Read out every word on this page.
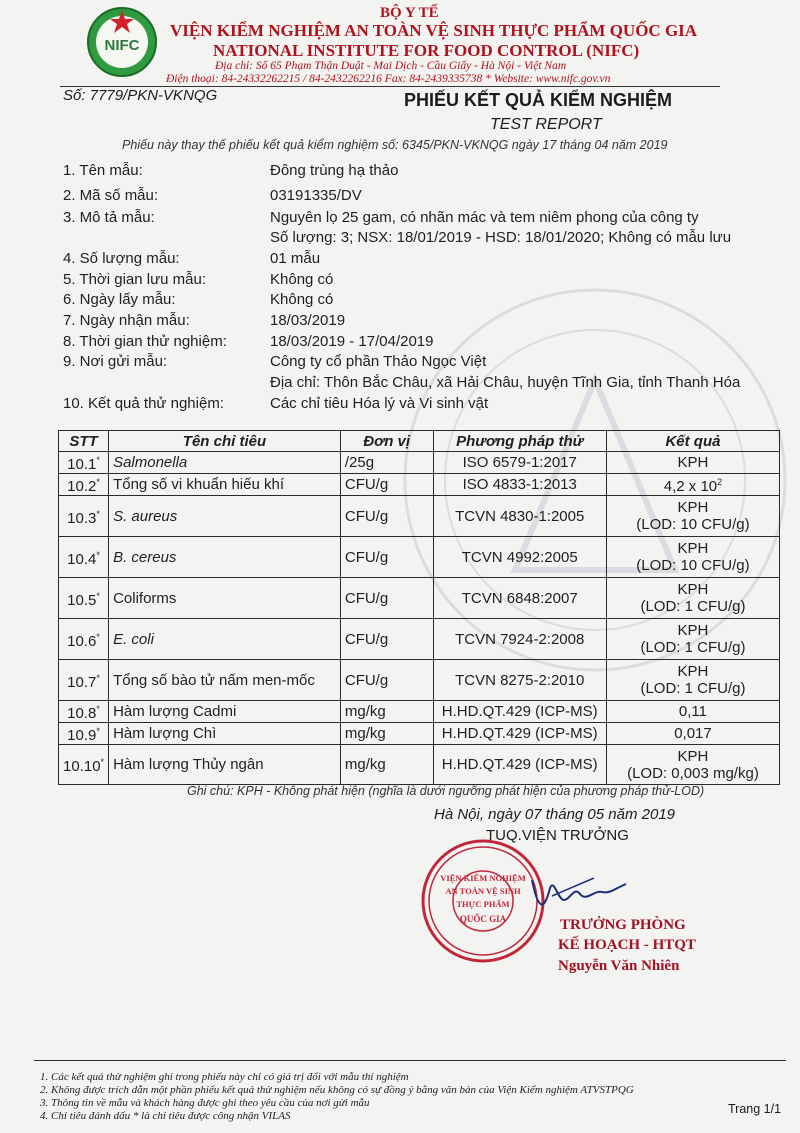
NIFC
BỘ Y TẾ
VIỆN KIỂM NGHIỆM AN TOÀN VỆ SINH THỰC PHẨM QUỐC GIA
NATIONAL INSTITUTE FOR FOOD CONTROL (NIFC)
Địa chỉ: Số 65 Phạm Thận Duật - Mai Dịch - Cầu Giấy - Hà Nội - Việt Nam
Điện thoại: 84-24332262215 / 84-2432262216 Fax: 84-2439335738 * Website: www.nifc.gov.vn
Số: 7779/PKN-VKNQG	PHIẾU KẾT QUẢ KIỂM NGHIỆM
TEST REPORT
Phiếu này thay thế phiếu kết quả kiểm nghiệm số: 6345/PKN-VKNQG ngày 17 tháng 04 năm 2019
1. Tên mẫu:	Đông trùng hạ thảo
2. Mã số mẫu:	03191335/DV
3. Mô tả mẫu:	Nguyên lọ 25 gam, có nhãn mác và tem niêm phong của công ty
Số lượng: 3; NSX: 18/01/2019 - HSD: 18/01/2020; Không có mẫu lưu
4. Số lượng mẫu:	01 mẫu
5. Thời gian lưu mẫu:	Không có
6. Ngày lấy mẫu:	Không có
7. Ngày nhận mẫu:	18/03/2019
8. Thời gian thử nghiệm:	18/03/2019 - 17/04/2019
9. Nơi gửi mẫu:	Công ty cổ phần Thảo Ngọc Việt
Địa chỉ: Thôn Bắc Châu, xã Hải Châu, huyện Tĩnh Gia, tỉnh Thanh Hóa
10. Kết quả thử nghiệm:	Các chỉ tiêu Hóa lý và Vi sinh vật
STT	Tên chỉ tiêu	Đơn vị	Phương pháp thử	Kết quả
10.1*	Salmonella	/25g	ISO 6579-1:2017	KPH

10.2*	Tổng số vi khuẩn hiếu khí	CFU/g	ISO 4833-1:2013	4,2 x $10^2$
10.3*	S. aureus	CFU/g	TCVN 4830-1:2005	KPH
(LOD: 10 CFU/g)

10.4*	B. cereus	CFU/g	TCVN 4992:2005	KPH
(LOD: 10 CFU/g)

10.5*	Coliforms	CFU/g	TCVN 6848:2007	KPH
(LOD: 1 CFU/g)

10.6*	E. coli	CFU/g	TCVN 7924-2:2008	KPH
(LOD: 1 CFU/g)

10.7*	Tổng số bào tử nấm men-mốc	CFU/g	TCVN 8275-2:2010	KPH
(LOD: 1 CFU/g)

10.8*	Hàm lượng Cadmi	mg/kg	H.HD.QT.429 (ICP-MS)	0,11

10.9*	Hàm lượng Chì	mg/kg	H.HD.QT.429 (ICP-MS)	0,017

10.10*	Hàm lượng Thủy ngân	mg/kg	H.HD.QT.429 (ICP-MS)	KPH
(LOD: 0,003 mg/kg)
Ghi chú: KPH - Không phát hiện (nghĩa là dưới ngưỡng phát hiện của phương pháp thử-LOD)
Hà Nội, ngày 07 tháng 05 năm 2019
TUQ.VIỆN TRƯỞNG
VIỆN KIỂM NGHIỆM
AN TOÀN VỆ SINH
THỰC PHẨM
QUỐC GIA	TRƯỞNG PHÒNG
KẾ HOẠCH - HTQT
Nguyễn Văn Nhiên
1. Các kết quả thử nghiệm ghi trong phiếu này chỉ có giá trị đối với mẫu thí nghiệm
2. Không được trích dẫn một phần phiếu kết quả thử nghiệm nếu không có sự đồng ý bằng văn bản của Viện Kiểm nghiệm ATVSTPQG
3. Thông tin về mẫu và khách hàng được ghi theo yêu cầu của nơi gửi mẫu
4. Chỉ tiêu đánh dấu * là chỉ tiêu được công nhận VILAS	Trang 1/1
